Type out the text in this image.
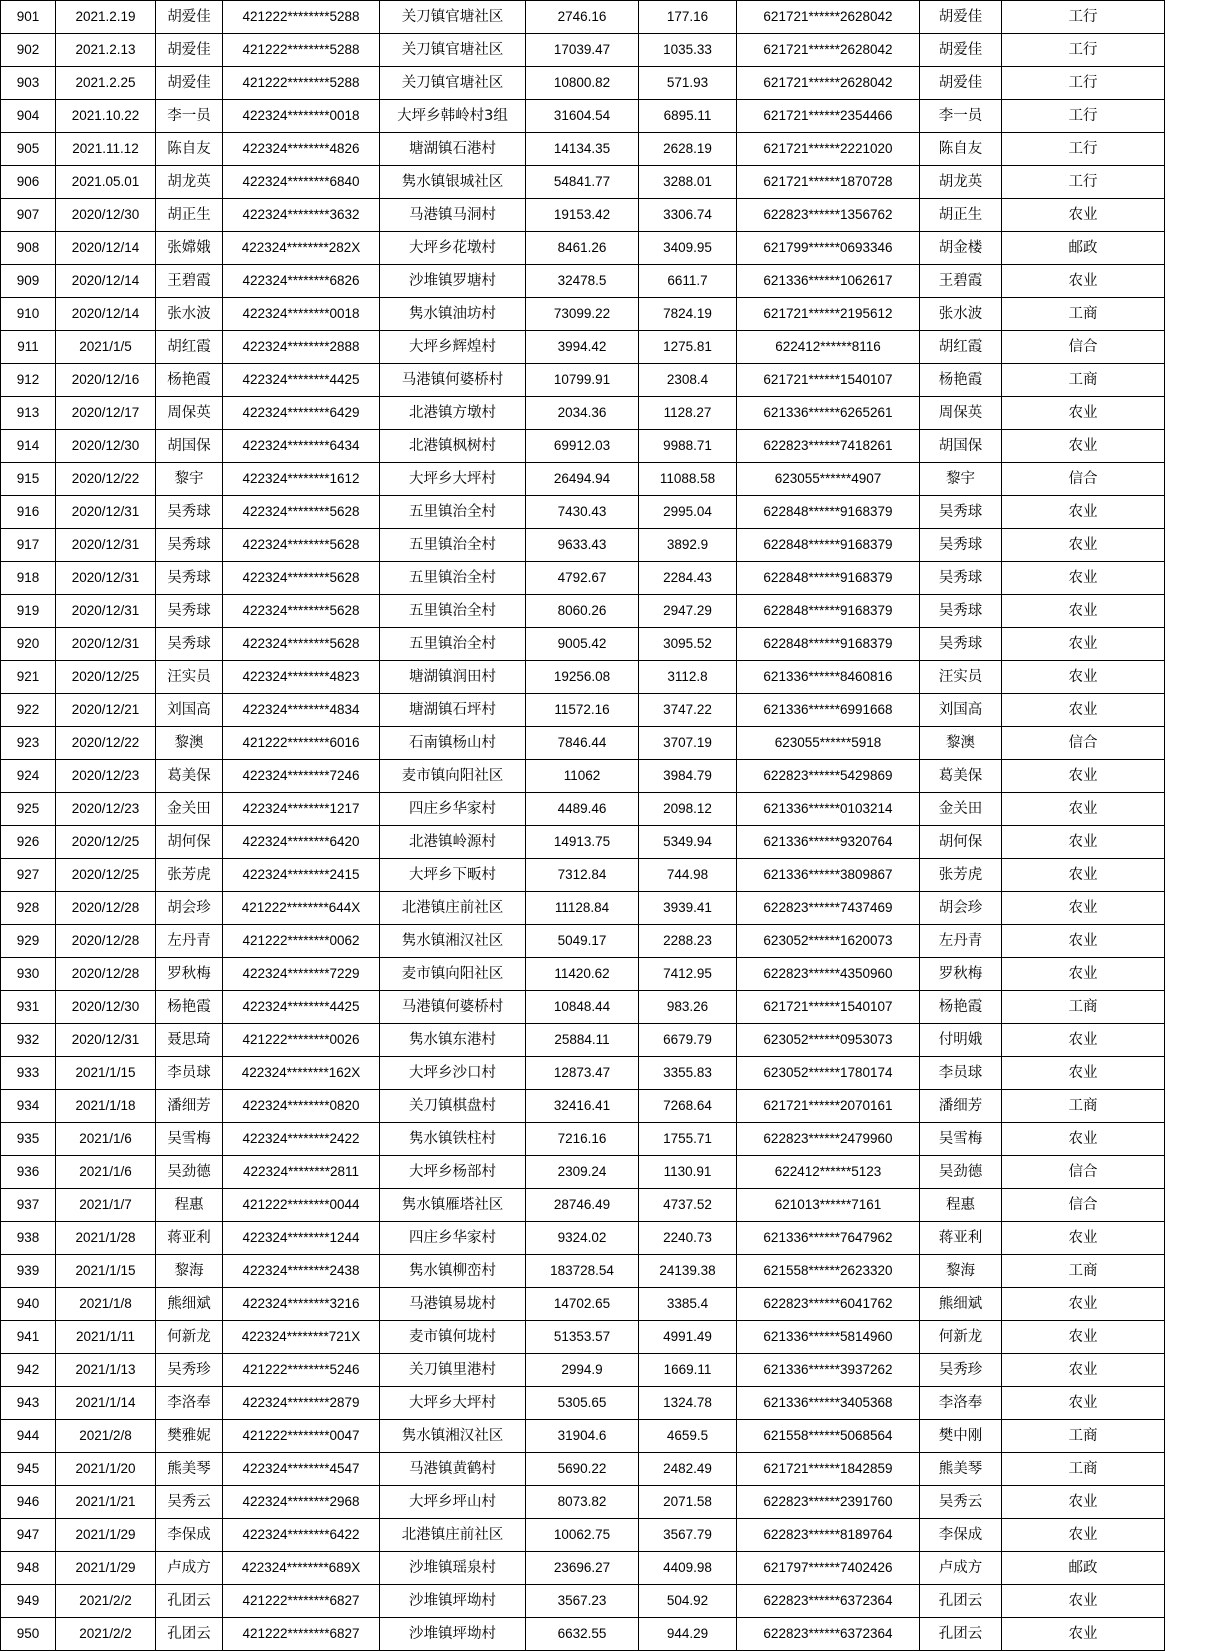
901	2021.2.19	胡爱佳	421222********5288	关刀镇官塘社区	2746.16	177.16	621721******2628042	胡爱佳	工行
902	2021.2.13	胡爱佳	421222********5288	关刀镇官塘社区	17039.47	1035.33	621721******2628042	胡爱佳	工行
903	2021.2.25	胡爱佳	421222********5288	关刀镇官塘社区	10800.82	571.93	621721******2628042	胡爱佳	工行
904	2021.10.22	李一员	422324********0018	大坪乡韩岭村3组	31604.54	6895.11	621721******2354466	李一员	工行
905	2021.11.12	陈自友	422324********4826	塘湖镇石港村	14134.35	2628.19	621721******2221020	陈自友	工行
906	2021.05.01	胡龙英	422324********6840	隽水镇银城社区	54841.77	3288.01	621721******1870728	胡龙英	工行
907	2020/12/30	胡正生	422324********3632	马港镇马洞村	19153.42	3306.74	622823******1356762	胡正生	农业
908	2020/12/14	张嫦娥	422324********282X	大坪乡花墩村	8461.26	3409.95	621799******0693346	胡金楼	邮政
909	2020/12/14	王碧霞	422324********6826	沙堆镇罗塘村	32478.5	6611.7	621336******1062617	王碧霞	农业
910	2020/12/14	张水波	422324********0018	隽水镇油坊村	73099.22	7824.19	621721******2195612	张水波	工商
911	2021/1/5	胡红霞	422324********2888	大坪乡辉煌村	3994.42	1275.81	622412******8116	胡红霞	信合
912	2020/12/16	杨艳霞	422324********4425	马港镇何婆桥村	10799.91	2308.4	621721******1540107	杨艳霞	工商
913	2020/12/17	周保英	422324********6429	北港镇方墩村	2034.36	1128.27	621336******6265261	周保英	农业
914	2020/12/30	胡国保	422324********6434	北港镇枫树村	69912.03	9988.71	622823******7418261	胡国保	农业
915	2020/12/22	黎宇	422324********1612	大坪乡大坪村	26494.94	11088.58	623055******4907	黎宇	信合
916	2020/12/31	吴秀球	422324********5628	五里镇治全村	7430.43	2995.04	622848******9168379	吴秀球	农业
917	2020/12/31	吴秀球	422324********5628	五里镇治全村	9633.43	3892.9	622848******9168379	吴秀球	农业
918	2020/12/31	吴秀球	422324********5628	五里镇治全村	4792.67	2284.43	622848******9168379	吴秀球	农业
919	2020/12/31	吴秀球	422324********5628	五里镇治全村	8060.26	2947.29	622848******9168379	吴秀球	农业
920	2020/12/31	吴秀球	422324********5628	五里镇治全村	9005.42	3095.52	622848******9168379	吴秀球	农业
921	2020/12/25	汪实员	422324********4823	塘湖镇润田村	19256.08	3112.8	621336******8460816	汪实员	农业
922	2020/12/21	刘国高	422324********4834	塘湖镇石坪村	11572.16	3747.22	621336******6991668	刘国高	农业
923	2020/12/22	黎澳	421222********6016	石南镇杨山村	7846.44	3707.19	623055******5918	黎澳	信合
924	2020/12/23	葛美保	422324********7246	麦市镇向阳社区	11062	3984.79	622823******5429869	葛美保	农业
925	2020/12/23	金关田	422324********1217	四庄乡华家村	4489.46	2098.12	621336******0103214	金关田	农业
926	2020/12/25	胡何保	422324********6420	北港镇岭源村	14913.75	5349.94	621336******9320764	胡何保	农业
927	2020/12/25	张芳虎	422324********2415	大坪乡下畈村	7312.84	744.98	621336******3809867	张芳虎	农业
928	2020/12/28	胡会珍	421222********644X	北港镇庄前社区	11128.84	3939.41	622823******7437469	胡会珍	农业
929	2020/12/28	左丹青	421222********0062	隽水镇湘汉社区	5049.17	2288.23	623052******1620073	左丹青	农业
930	2020/12/28	罗秋梅	422324********7229	麦市镇向阳社区	11420.62	7412.95	622823******4350960	罗秋梅	农业
931	2020/12/30	杨艳霞	422324********4425	马港镇何婆桥村	10848.44	983.26	621721******1540107	杨艳霞	工商
932	2020/12/31	聂思琦	421222********0026	隽水镇东港村	25884.11	6679.79	623052******0953073	付明娥	农业
933	2021/1/15	李员球	422324********162X	大坪乡沙口村	12873.47	3355.83	623052******1780174	李员球	农业
934	2021/1/18	潘细芳	422324********0820	关刀镇棋盘村	32416.41	7268.64	621721******2070161	潘细芳	工商
935	2021/1/6	吴雪梅	422324********2422	隽水镇铁柱村	7216.16	1755.71	622823******2479960	吴雪梅	农业
936	2021/1/6	吴劲德	422324********2811	大坪乡杨部村	2309.24	1130.91	622412******5123	吴劲德	信合
937	2021/1/7	程惠	421222********0044	隽水镇雁塔社区	28746.49	4737.52	621013******7161	程惠	信合
938	2021/1/28	蒋亚利	422324********1244	四庄乡华家村	9324.02	2240.73	621336******7647962	蒋亚利	农业
939	2021/1/15	黎海	422324********2438	隽水镇柳峦村	183728.54	24139.38	621558******2623320	黎海	工商
940	2021/1/8	熊细斌	422324********3216	马港镇易垅村	14702.65	3385.4	622823******6041762	熊细斌	农业
941	2021/1/11	何新龙	422324********721X	麦市镇何垅村	51353.57	4991.49	621336******5814960	何新龙	农业
942	2021/1/13	吴秀珍	421222********5246	关刀镇里港村	2994.9	1669.11	621336******3937262	吴秀珍	农业
943	2021/1/14	李洛奉	422324********2879	大坪乡大坪村	5305.65	1324.78	621336******3405368	李洛奉	农业
944	2021/2/8	樊雅妮	421222********0047	隽水镇湘汉社区	31904.6	4659.5	621558******5068564	樊中刚	工商
945	2021/1/20	熊美琴	422324********4547	马港镇黄鹤村	5690.22	2482.49	621721******1842859	熊美琴	工商
946	2021/1/21	吴秀云	422324********2968	大坪乡坪山村	8073.82	2071.58	622823******2391760	吴秀云	农业
947	2021/1/29	李保成	422324********6422	北港镇庄前社区	10062.75	3567.79	622823******8189764	李保成	农业
948	2021/1/29	卢成方	422324********689X	沙堆镇瑶泉村	23696.27	4409.98	621797******7402426	卢成方	邮政
949	2021/2/2	孔团云	421222********6827	沙堆镇坪坳村	3567.23	504.92	622823******6372364	孔团云	农业
950	2021/2/2	孔团云	421222********6827	沙堆镇坪坳村	6632.55	944.29	622823******6372364	孔团云	农业
